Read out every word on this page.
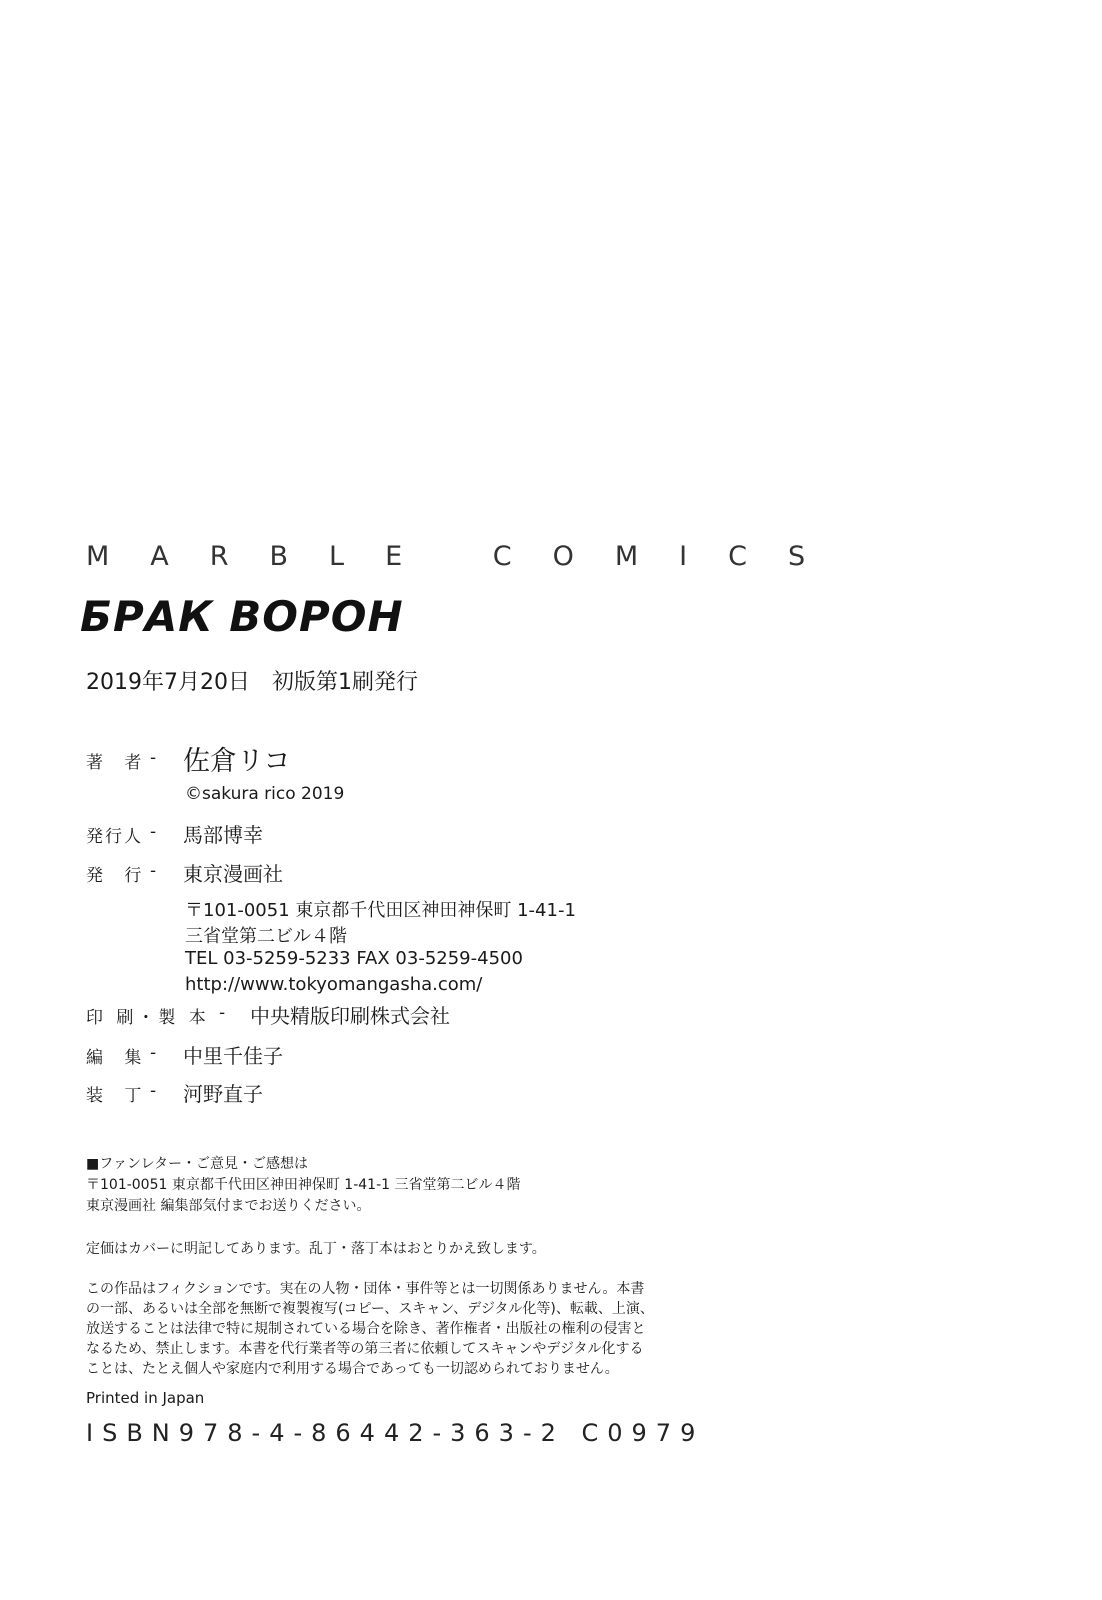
MARBLE COMICS
БРАК ВОРОН
2019年7月20日　初版第1刷発行
著 者 - 佐倉リコ
©sakura rico 2019
発行人 - 馬部博幸
発 行 - 東京漫画社
〒101-0051 東京都千代田区神田神保町 1-41-1
三省堂第二ビル４階
TEL 03-5259-5233 FAX 03-5259-4500
http://www.tokyomangasha.com/
印 刷・製 本 - 中央精版印刷株式会社
編 集 - 中里千佳子
装 丁 - 河野直子
■ファンレター・ご意見・ご感想は
〒101-0051 東京都千代田区神田神保町 1-41-1 三省堂第二ビル４階
東京漫画社 編集部気付までお送りください。
定価はカバーに明記してあります。乱丁・落丁本はおとりかえ致します。
この作品はフィクションです。実在の人物・団体・事件等とは一切関係ありません。本書の一部、あるいは全部を無断で複製複写(コピー、スキャン、デジタル化等)、転載、上演、放送することは法律で特に規制されている場合を除き、著作権者・出版社の権利の侵害となるため、禁止します。本書を代行業者等の第三者に依頼してスキャンやデジタル化することは、たとえ個人や家庭内で利用する場合であっても一切認められておりません。
Printed in Japan
ISBN978-4-86442-363-2 C0979
